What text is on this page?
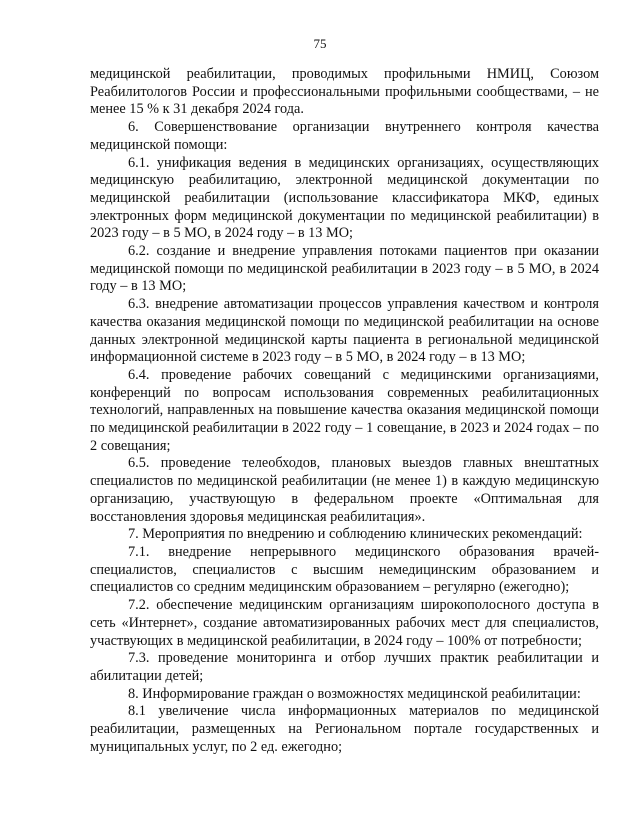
75

медицинской реабилитации, проводимых профильными НМИЦ, Союзом Реабилитологов России и профессиональными профильными сообществами, – не менее 15 % к 31 декабря 2024 года.

6. Совершенствование организации внутреннего контроля качества медицинской помощи:

6.1. унификация ведения в медицинских организациях, осуществляющих медицинскую реабилитацию, электронной медицинской документации по медицинской реабилитации (использование классификатора МКФ, единых электронных форм медицинской документации по медицинской реабилитации) в 2023 году – в 5 МО, в 2024 году – в 13 МО;

6.2. создание и внедрение управления потоками пациентов при оказании медицинской помощи по медицинской реабилитации в 2023 году – в 5 МО, в 2024 году – в 13 МО;

6.3. внедрение автоматизации процессов управления качеством и контроля качества оказания медицинской помощи по медицинской реабилитации на основе данных электронной медицинской карты пациента в региональной медицинской информационной системе в 2023 году – в 5 МО, в 2024 году – в 13 МО;

6.4. проведение рабочих совещаний с медицинскими организациями, конференций по вопросам использования современных реабилитационных технологий, направленных на повышение качества оказания медицинской помощи по медицинской реабилитации в 2022 году – 1 совещание, в 2023 и 2024 годах – по 2 совещания;

6.5. проведение телеобходов, плановых выездов главных внештатных специалистов по медицинской реабилитации (не менее 1) в каждую медицинскую организацию, участвующую в федеральном проекте «Оптимальная для восстановления здоровья медицинская реабилитация».

7. Мероприятия по внедрению и соблюдению клинических рекомендаций:

7.1. внедрение непрерывного медицинского образования врачей-специалистов, специалистов с высшим немедицинским образованием и специалистов со средним медицинским образованием – регулярно (ежегодно);

7.2. обеспечение медицинским организациям широкополосного доступа в сеть «Интернет», создание автоматизированных рабочих мест для специалистов, участвующих в медицинской реабилитации, в 2024 году – 100% от потребности;

7.3. проведение мониторинга и отбор лучших практик реабилитации и абилитации детей;

8. Информирование граждан о возможностях медицинской реабилитации:

8.1 увеличение числа информационных материалов по медицинской реабилитации, размещенных на Региональном портале государственных и муниципальных услуг, по 2 ед. ежегодно;
